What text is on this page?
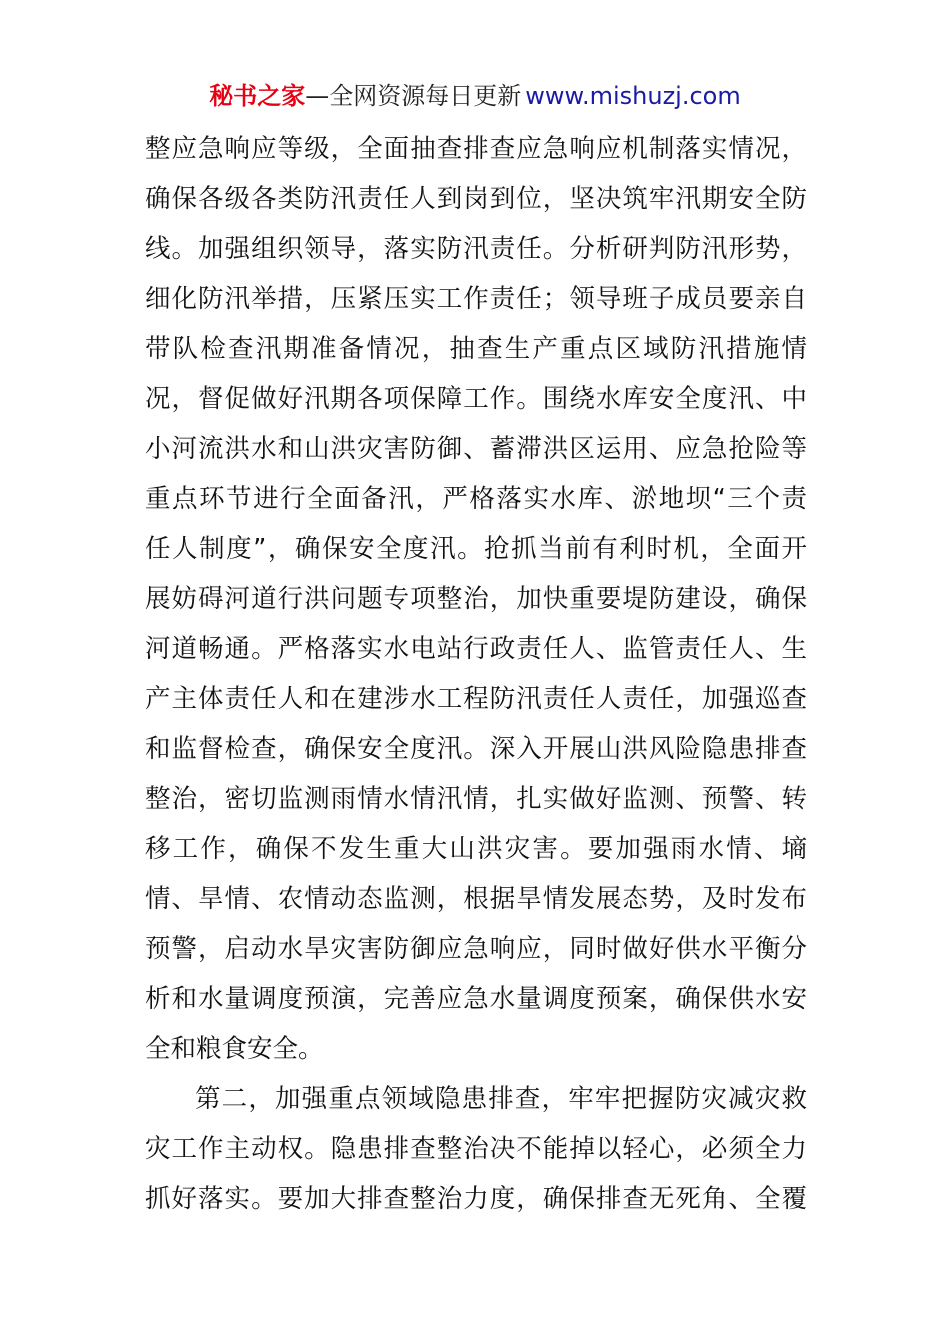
秘书之家—全网资源每日更新 www.mishuzj.com
整应急响应等级，全面抽查排查应急响应机制落实情况，
确保各级各类防汛责任人到岗到位，坚决筑牢汛期安全防
线。加强组织领导，落实防汛责任。分析研判防汛形势，
细化防汛举措，压紧压实工作责任；领导班子成员要亲自
带队检查汛期准备情况，抽查生产重点区域防汛措施情
况，督促做好汛期各项保障工作。围绕水库安全度汛、中
小河流洪水和山洪灾害防御、蓄滞洪区运用、应急抢险等
重点环节进行全面备汛，严格落实水库、淤地坝“三个责
任人制度”，确保安全度汛。抢抓当前有利时机，全面开
展妨碍河道行洪问题专项整治，加快重要堤防建设，确保
河道畅通。严格落实水电站行政责任人、监管责任人、生
产主体责任人和在建涉水工程防汛责任人责任，加强巡查
和监督检查，确保安全度汛。深入开展山洪风险隐患排查
整治，密切监测雨情水情汛情，扎实做好监测、预警、转
移工作，确保不发生重大山洪灾害。要加强雨水情、墒
情、旱情、农情动态监测，根据旱情发展态势，及时发布
预警，启动水旱灾害防御应急响应，同时做好供水平衡分
析和水量调度预演，完善应急水量调度预案，确保供水安
全和粮食安全。
第二，加强重点领域隐患排查，牢牢把握防灾减灾救
灾工作主动权。隐患排查整治决不能掉以轻心，必须全力
抓好落实。要加大排查整治力度，确保排查无死角、全覆
